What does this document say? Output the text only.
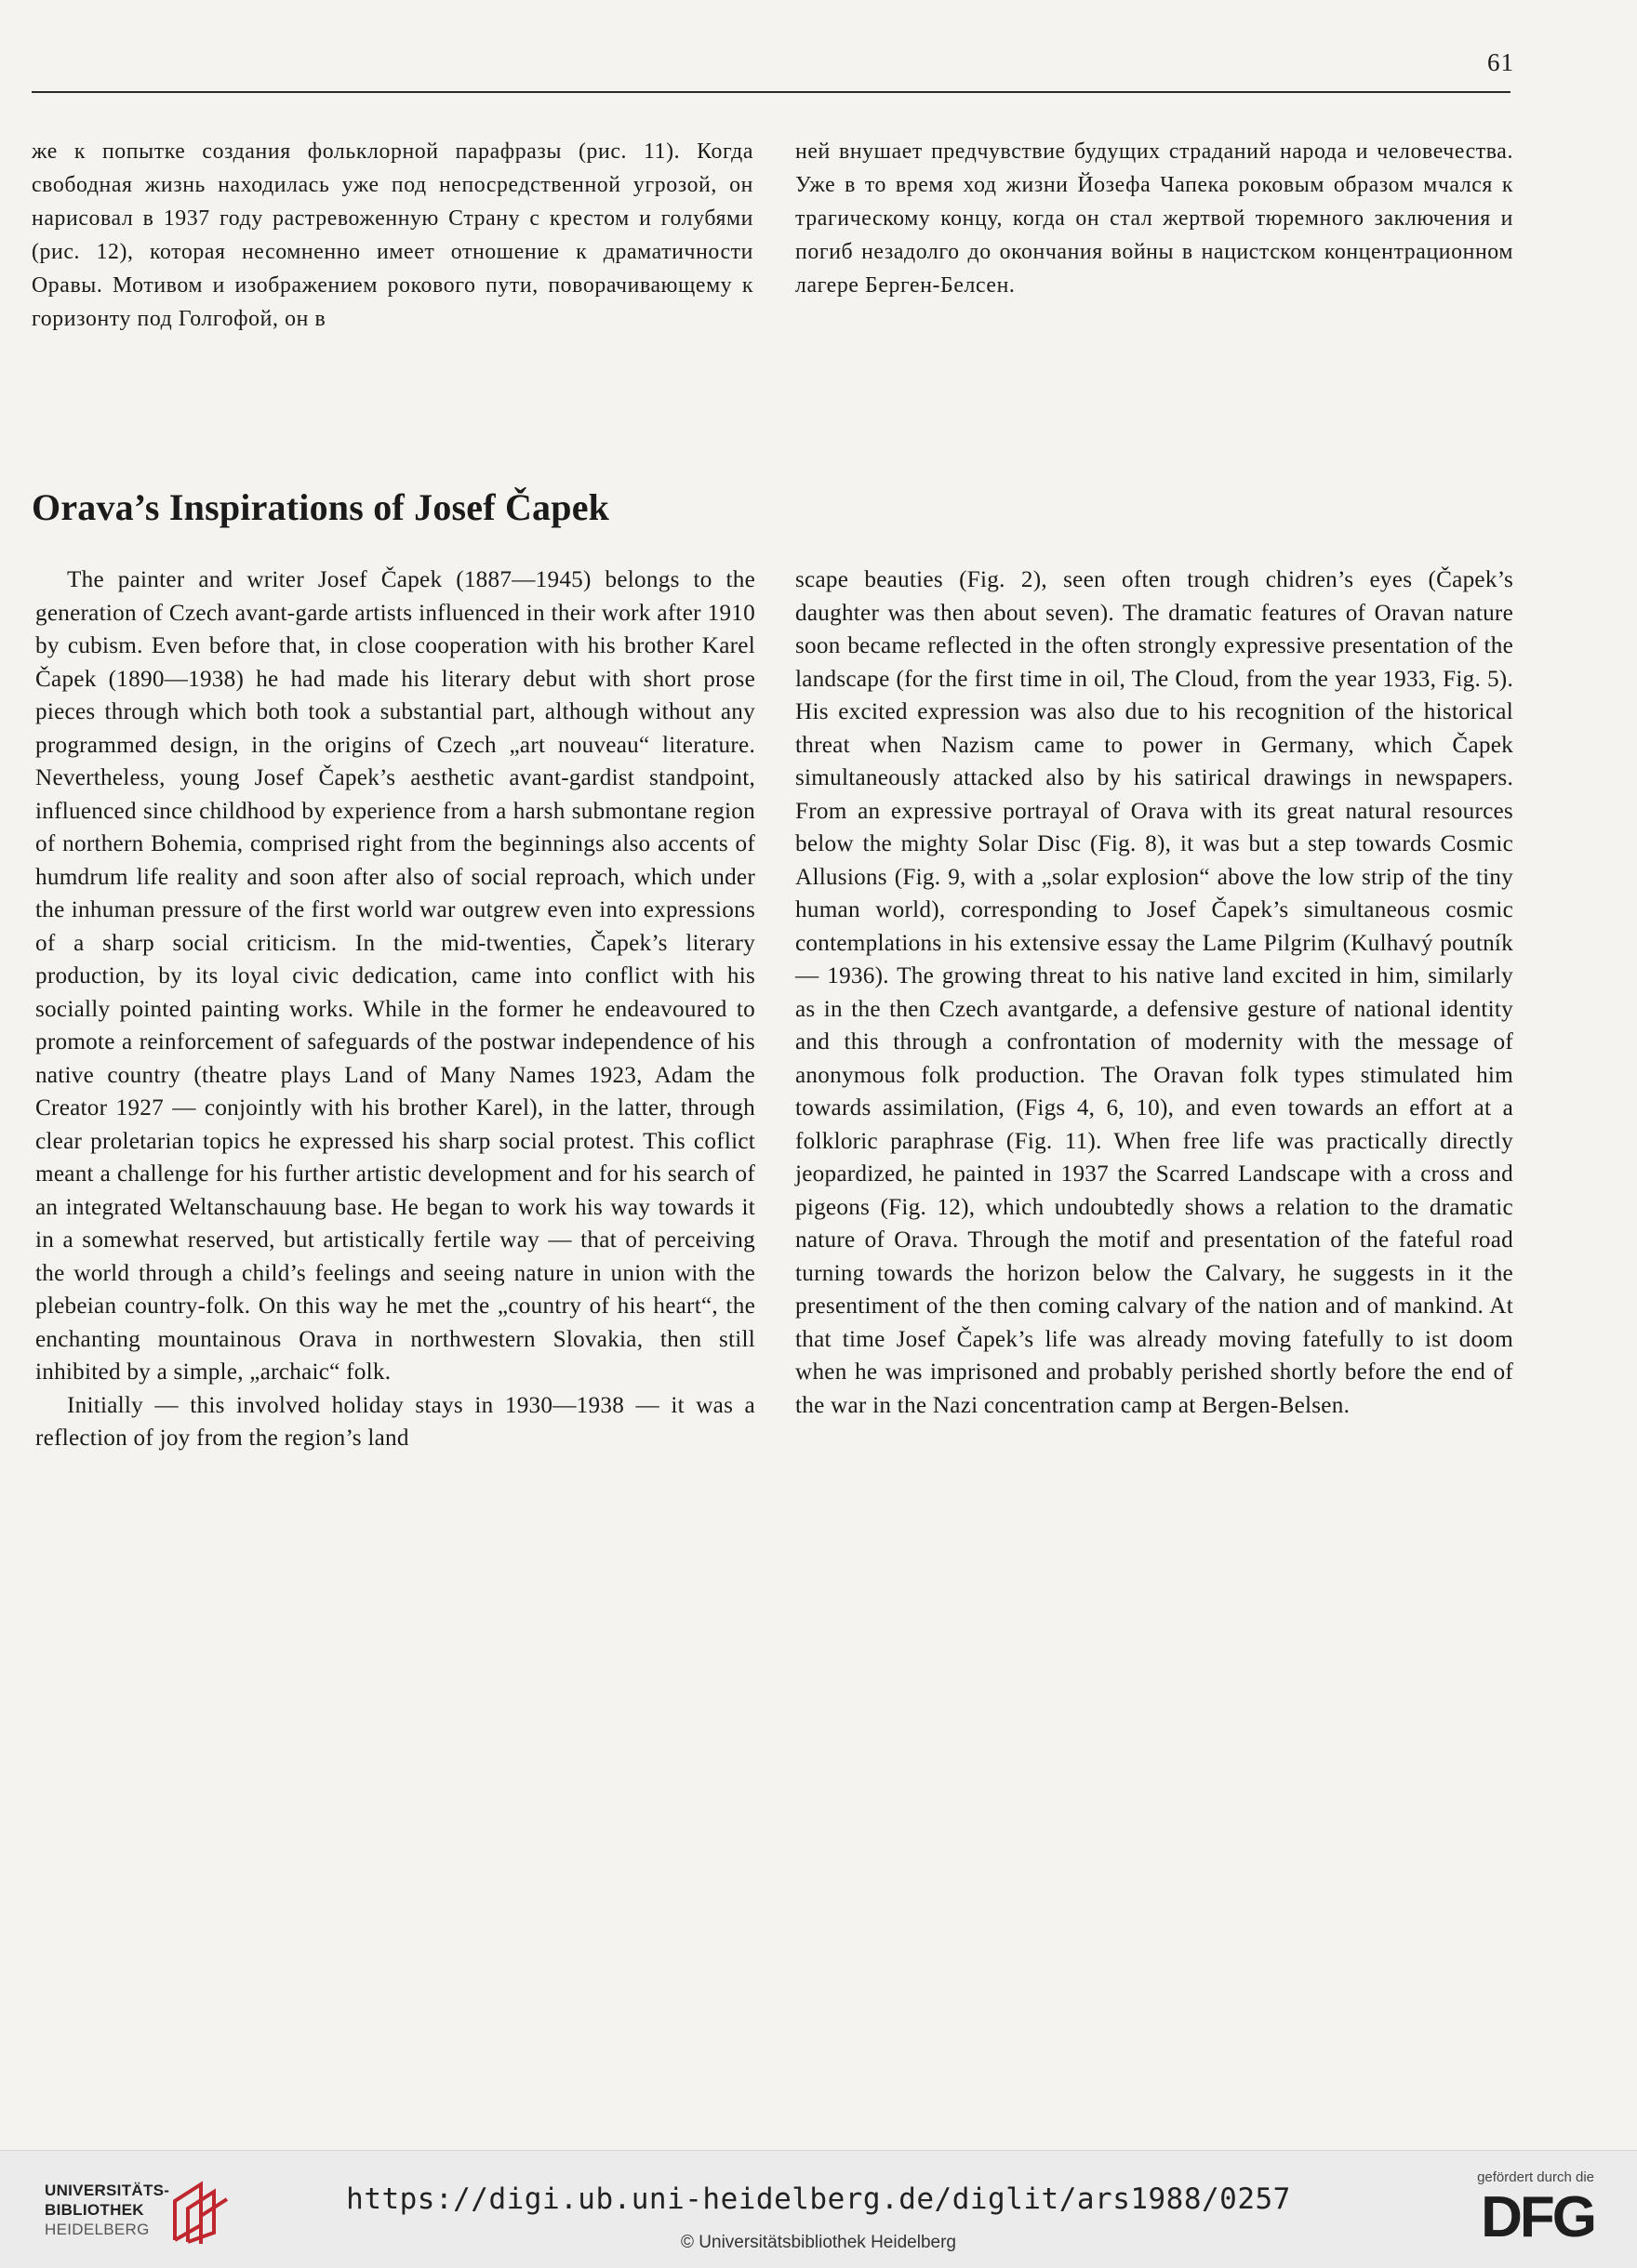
61

же к попытке создания фольклорной парафразы (рис. 11). Когда свободная жизнь находилась уже под непосредственной угрозой, он нарисовал в 1937 году растревоженную Страну с крестом и голубями (рис. 12), которая несомненно имеет отношение к драматичности Оравы. Мотивом и изображением рокового пути, поворачивающему к горизонту под Голгофой, он в

ней внушает предчувствие будущих страданий народа и человечества. Уже в то время ход жизни Йозефа Чапека роковым образом мчался к трагическому концу, когда он стал жертвой тюремного заключения и погиб незадолго до окончания войны в нацистском концентрационном лагере Берген-Белсен.

Orava’s Inspirations of Josef Čapek

The painter and writer Josef Čapek (1887—1945) belongs to the generation of Czech avant-garde artists influenced in their work after 1910 by cubism. Even before that, in close cooperation with his brother Karel Čapek (1890—1938) he had made his literary debut with short prose pieces through which both took a substantial part, although without any programmed design, in the origins of Czech „art nouveau“ literature. Nevertheless, young Josef Čapek’s aesthetic avant-gardist standpoint, influenced since childhood by experience from a harsh submontane region of northern Bohemia, comprised right from the beginnings also accents of humdrum life reality and soon after also of social reproach, which under the inhuman pressure of the first world war outgrew even into expressions of a sharp social criticism. In the mid-twenties, Čapek’s literary production, by its loyal civic dedication, came into conflict with his socially pointed painting works. While in the former he endeavoured to promote a reinforcement of safeguards of the postwar independence of his native country (theatre plays Land of Many Names 1923, Adam the Creator 1927 — conjointly with his brother Karel), in the latter, through clear proletarian topics he expressed his sharp social protest. This coflict meant a challenge for his further artistic development and for his search of an integrated Weltanschauung base. He began to work his way towards it in a somewhat reserved, but artistically fertile way — that of perceiving the world through a child’s feelings and seeing nature in union with the plebeian country-folk. On this way he met the „country of his heart“, the enchanting mountainous Orava in northwestern Slovakia, then still inhibited by a simple, „archaic“ folk.

Initially — this involved holiday stays in 1930—1938 — it was a reflection of joy from the region’s land

scape beauties (Fig. 2), seen often trough chidren’s eyes (Čapek’s daughter was then about seven). The dramatic features of Oravan nature soon became reflected in the often strongly expressive presentation of the landscape (for the first time in oil, The Cloud, from the year 1933, Fig. 5). His excited expression was also due to his recognition of the historical threat when Nazism came to power in Germany, which Čapek simultaneously attacked also by his satirical drawings in newspapers. From an expressive portrayal of Orava with its great natural resources below the mighty Solar Disc (Fig. 8), it was but a step towards Cosmic Allusions (Fig. 9, with a „solar explosion“ above the low strip of the tiny human world), corresponding to Josef Čapek’s simultaneous cosmic contemplations in his extensive essay the Lame Pilgrim (Kulhavý poutník — 1936). The growing threat to his native land excited in him, similarly as in the then Czech avantgarde, a defensive gesture of national identity and this through a confrontation of modernity with the message of anonymous folk production. The Oravan folk types stimulated him towards assimilation, (Figs 4, 6, 10), and even towards an effort at a folkloric paraphrase (Fig. 11). When free life was practically directly jeopardized, he painted in 1937 the Scarred Landscape with a cross and pigeons (Fig. 12), which undoubtedly shows a relation to the dramatic nature of Orava. Through the motif and presentation of the fateful road turning towards the horizon below the Calvary, he suggests in it the presentiment of the then coming calvary of the nation and of mankind. At that time Josef Čapek’s life was already moving fatefully to ist doom when he was imprisoned and probably perished shortly before the end of the war in the Nazi concentration camp at Bergen-Belsen.

UNIVERSITÄTS-
BIBLIOTHEK
HEIDELBERG
https://digi.ub.uni-heidelberg.de/diglit/ars1988/0257
© Universitätsbibliothek Heidelberg
gefördert durch die
DFG
